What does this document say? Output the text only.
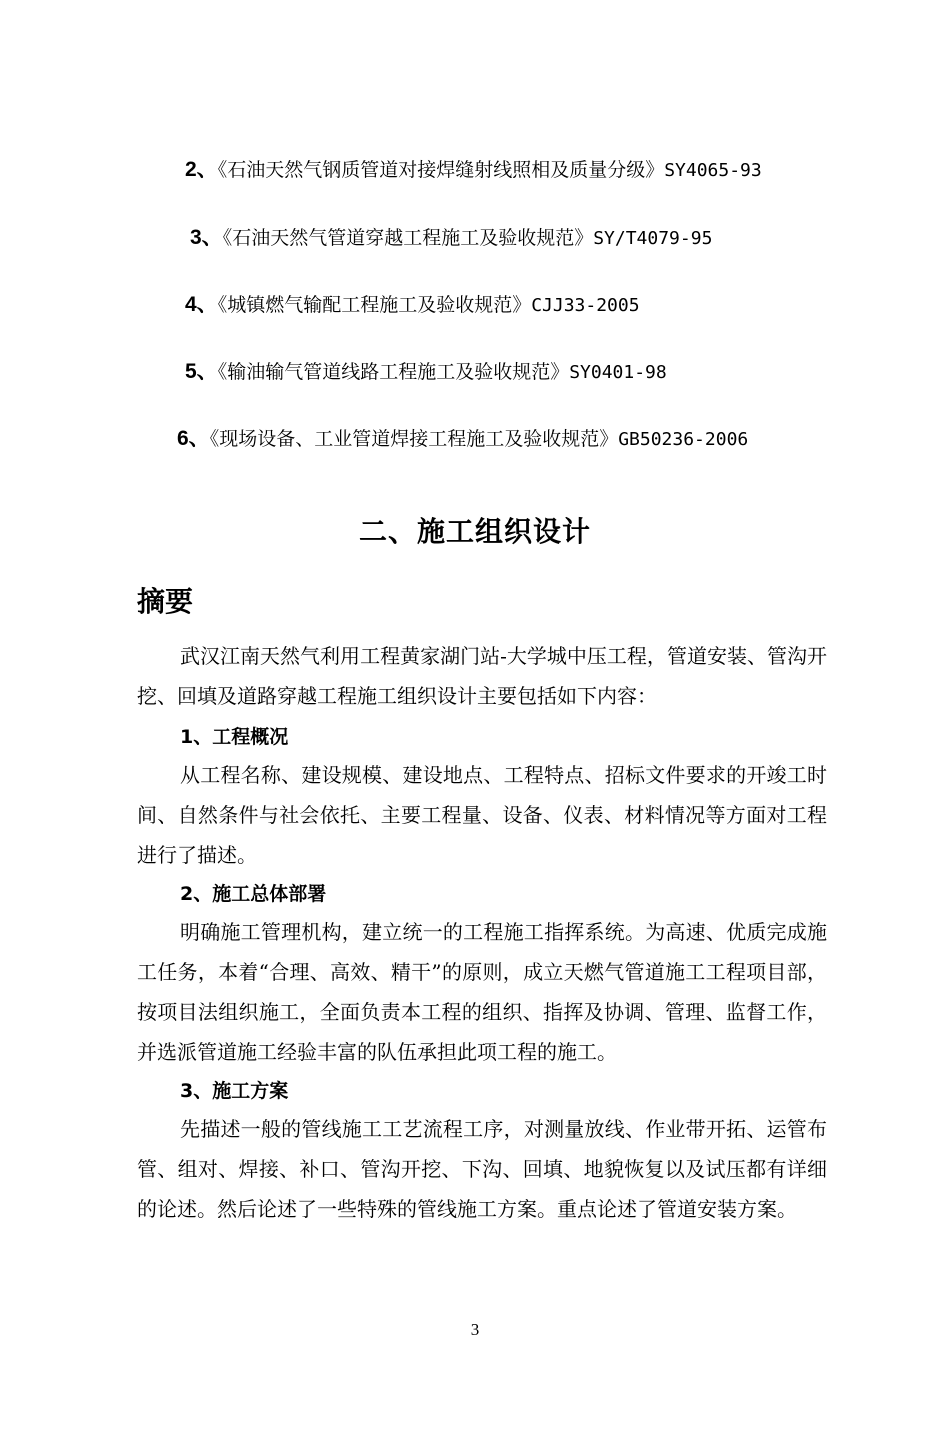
2、《石油天然气钢质管道对接焊缝射线照相及质量分级》SY4065-93
3、《石油天然气管道穿越工程施工及验收规范》SY/T4079-95
4、《城镇燃气输配工程施工及验收规范》CJJ33-2005
5、《输油输气管道线路工程施工及验收规范》SY0401-98
6、《现场设备、工业管道焊接工程施工及验收规范》GB50236-2006
二、施工组织设计
摘要
武汉江南天然气利用工程黄家湖门站-大学城中压工程，管道安装、管沟开挖、回填及道路穿越工程施工组织设计主要包括如下内容：
1、工程概况
从工程名称、建设规模、建设地点、工程特点、招标文件要求的开竣工时间、自然条件与社会依托、主要工程量、设备、仪表、材料情况等方面对工程进行了描述。
2、施工总体部署
明确施工管理机构，建立统一的工程施工指挥系统。为高速、优质完成施工任务，本着“合理、高效、精干”的原则，成立天燃气管道施工工程项目部，按项目法组织施工，全面负责本工程的组织、指挥及协调、管理、监督工作，并选派管道施工经验丰富的队伍承担此项工程的施工。
3、施工方案
先描述一般的管线施工工艺流程工序，对测量放线、作业带开拓、运管布管、组对、焊接、补口、管沟开挖、下沟、回填、地貌恢复以及试压都有详细的论述。然后论述了一些特殊的管线施工方案。重点论述了管道安装方案。
3
